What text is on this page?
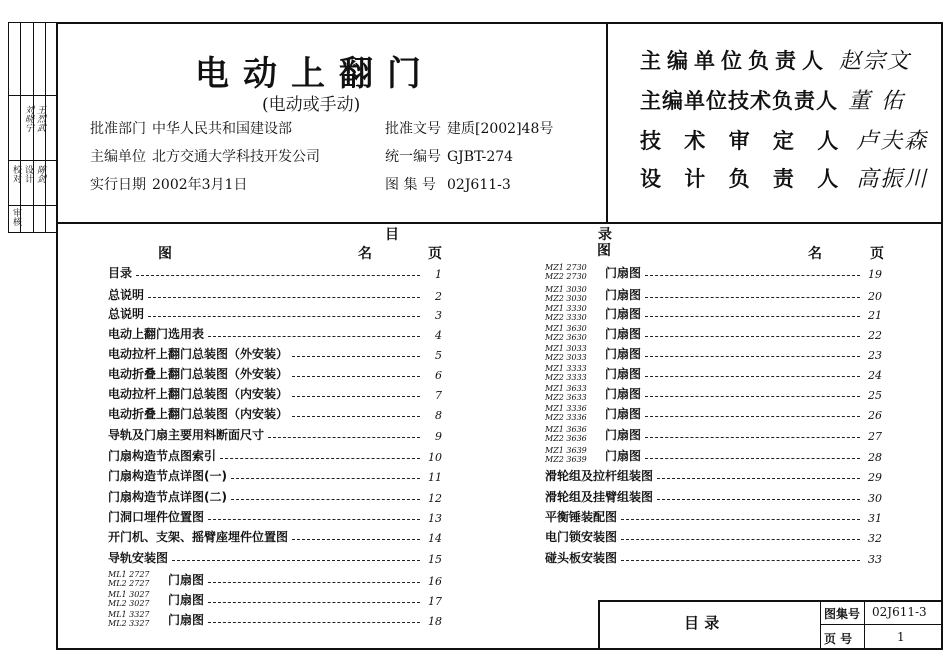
校对
审核
设计
刘晓宁 王烈武
陈剑
电动上翻门
(电动或手动)
批准部门 中华人民共和国建设部
主编单位 北方交通大学科技开发公司
实行日期 2002年3月1日
批准文号 建质[2002]48号
统一编号 GJBT-274
图 集 号 02J611-3
主编单位负责人 赵宗文
主编单位技术负责人 董 佑
技 术 审 定 人 卢夫森
设 计 负 责 人 高振川
目	录
图	名	页	图	名	页
目录	1
总说明	2
总说明	3
电动上翻门选用表	4
电动拉杆上翻门总装图（外安装）	5
电动折叠上翻门总装图（外安装）	6
电动拉杆上翻门总装图（内安装）	7
电动折叠上翻门总装图（内安装）	8
导轨及门扇主要用料断面尺寸	9
门扇构造节点图索引	10
门扇构造节点详图(一)	11
门扇构造节点详图(二)	12
门洞口埋件位置图	13
开门机、支架、摇臂座埋件位置图	14
导轨安装图	15
ML1 2727
ML2 2727	门扇图	16
ML1 3027
ML2 3027	门扇图	17
ML1 3327
ML2 3327	门扇图	18
MZ1 2730
MZ2 2730	门扇图	19
MZ1 3030
MZ2 3030	门扇图	20
MZ1 3330
MZ2 3330	门扇图	21
MZ1 3630
MZ2 3630	门扇图	22
MZ1 3033
MZ2 3033	门扇图	23
MZ1 3333
MZ2 3333	门扇图	24
MZ1 3633
MZ2 3633	门扇图	25
MZ1 3336
MZ2 3336	门扇图	26
MZ1 3636
MZ2 3636	门扇图	27
MZ1 3639
MZ2 3639	门扇图	28
滑轮组及拉杆组装图	29
滑轮组及挂臂组装图	30
平衡锤装配图	31
电门锁安装图	32
碰头板安装图	33
目 录	图集号 02J611-3
页 号	1
